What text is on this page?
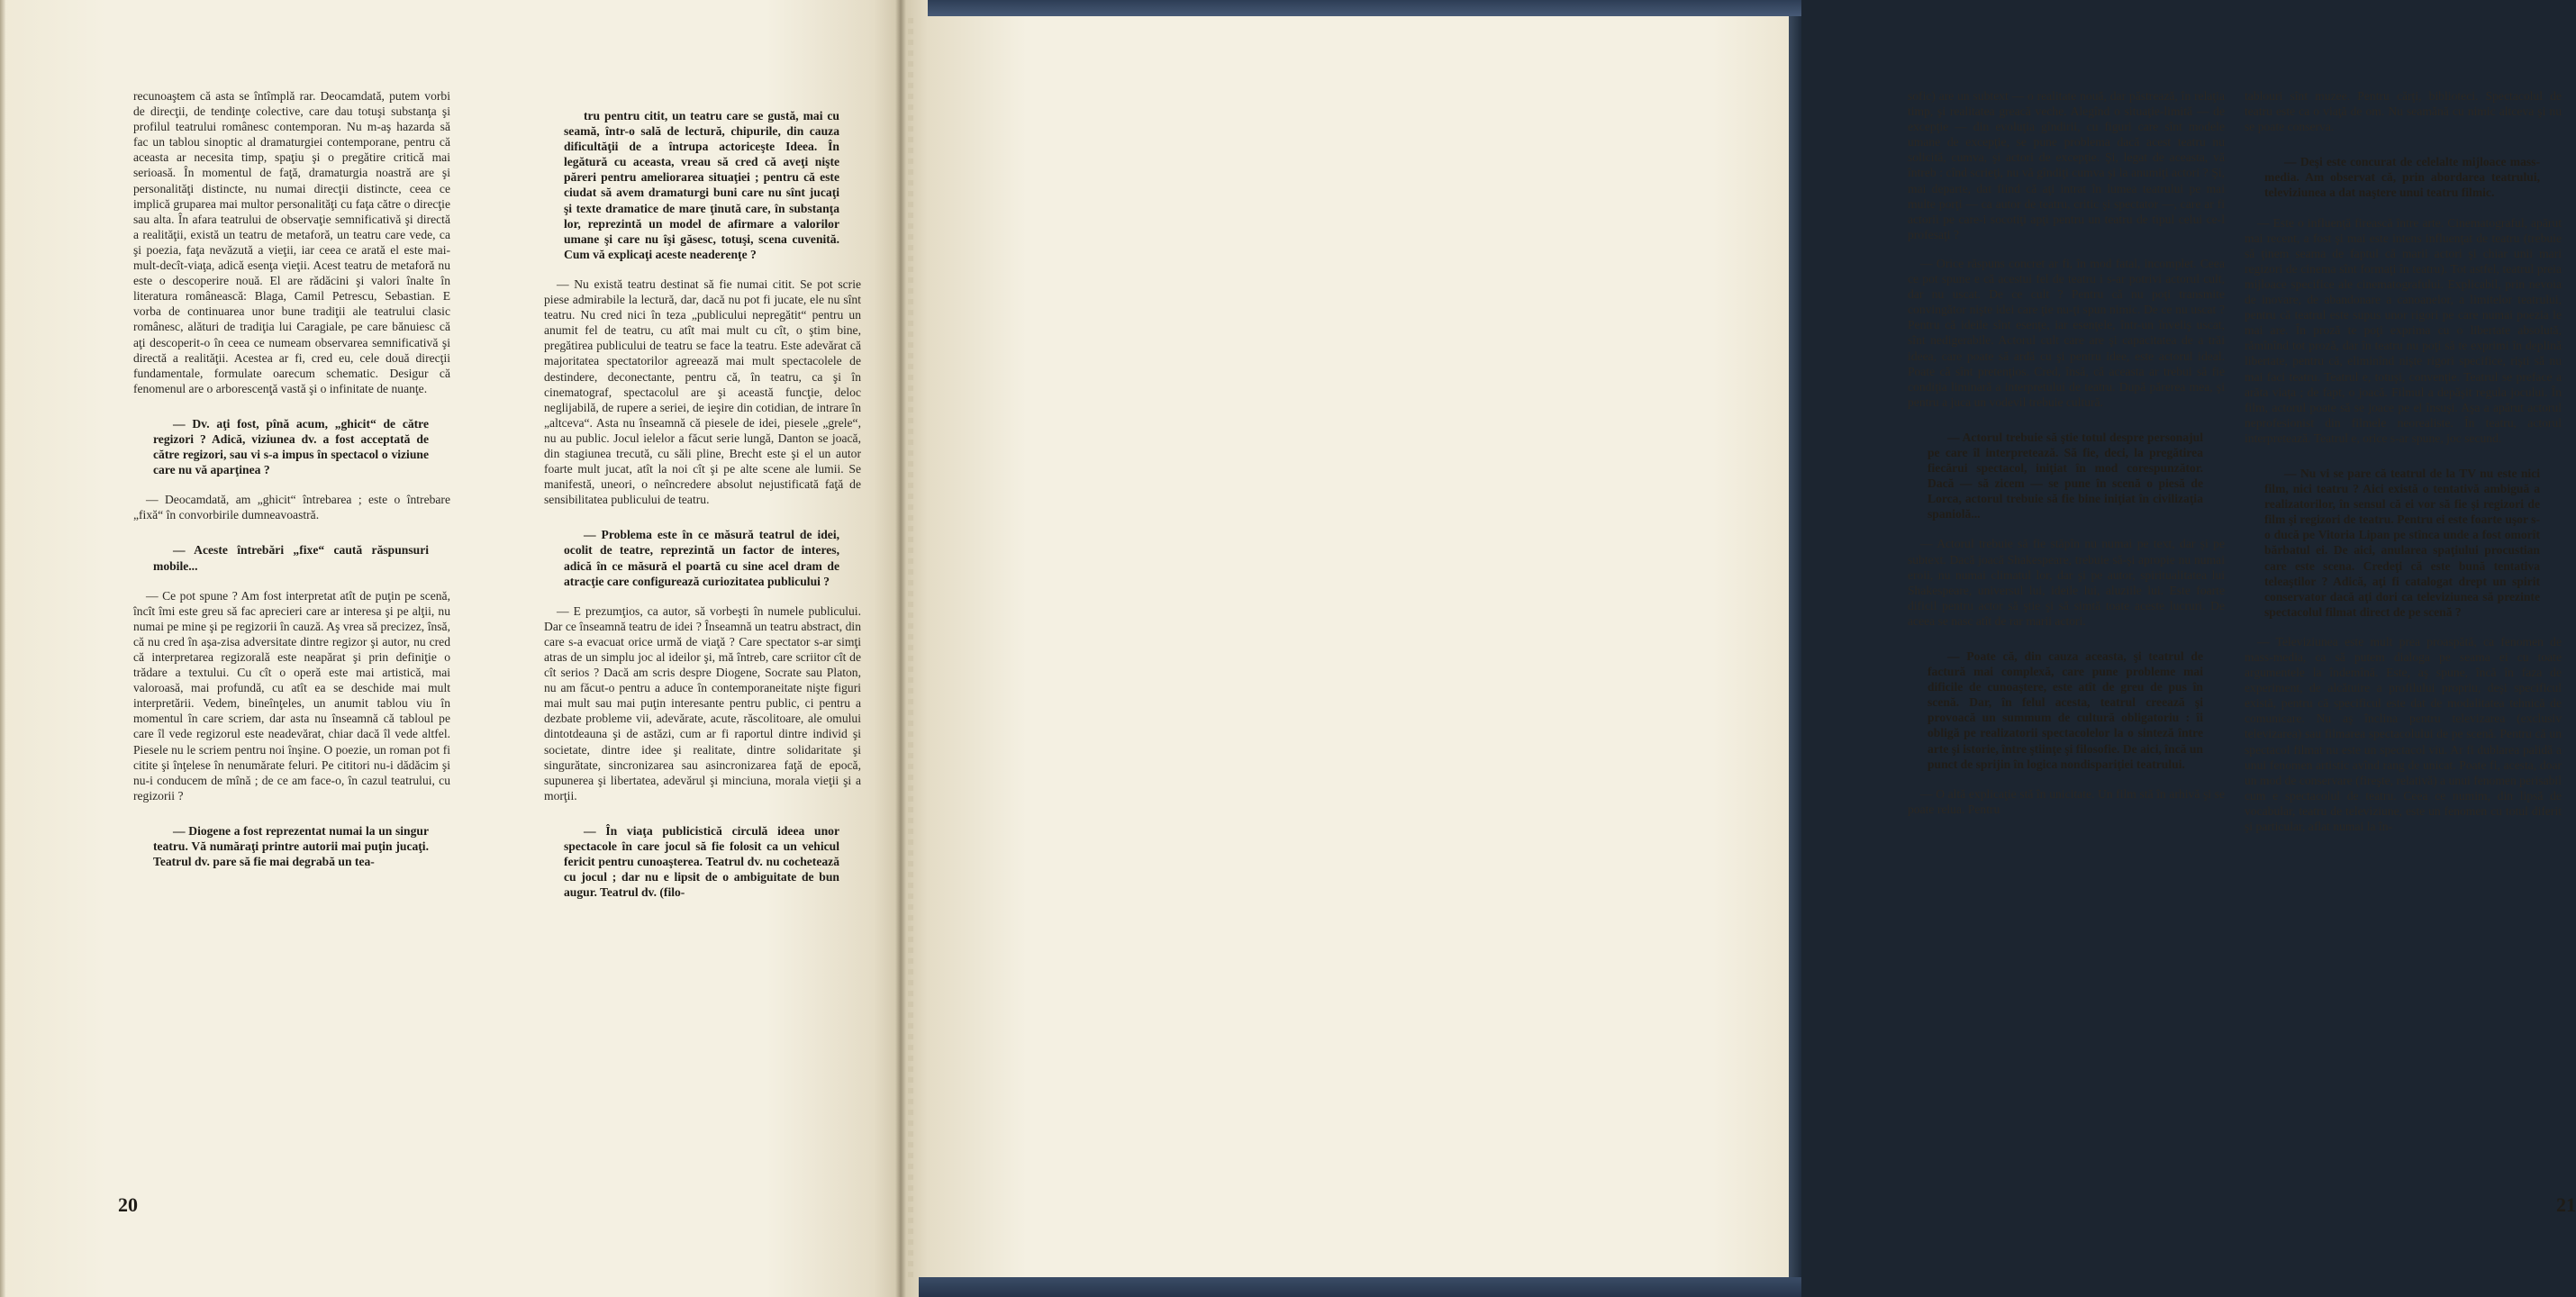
recunoaştem că asta se întîmplă rar. Deocamdată, putem vorbi de direcţii, de tendinţe colective, care dau totuşi substanţa şi profilul teatrului românesc contemporan. Nu m-aş hazarda să fac un tablou sinoptic al dramaturgiei contemporane, pentru că aceasta ar necesita timp, spaţiu şi o pregătire critică mai serioasă. În momentul de faţă, dramaturgia noastră are şi personalităţi distincte, nu numai direcţii distincte, ceea ce implică gruparea mai multor personalităţi cu faţa către o direcţie sau alta. În afara teatrului de observaţie semnificativă şi directă a realităţii, există un teatru de metaforă, un teatru care vede, ca şi poezia, faţa nevăzută a vieţii, iar ceea ce arată el este mai-mult-decît-viaţa, adică esenţa vieţii. Acest teatru de metaforă nu este o descoperire nouă. El are rădăcini şi valori înalte în literatura românească: Blaga, Camil Petrescu, Sebastian. E vorba de continuarea unor bune tradiţii ale teatrului clasic românesc, alături de tradiţia lui Caragiale, pe care bănuiesc că aţi descoperit-o în ceea ce numeam observarea semnificativă şi directă a realităţii. Acestea ar fi, cred eu, cele două direcţii fundamentale, formulate oarecum schematic. Desigur că fenomenul are o arborescenţă vastă şi o infinitate de nuanţe.

— Dv. aţi fost, pînă acum, „ghicit“ de către regizori ? Adică, viziunea dv. a fost acceptată de către regizori, sau vi s-a impus în spectacol o viziune care nu vă aparţinea ?

— Deocamdată, am „ghicit“ întrebarea ; este o întrebare „fixă“ în convorbirile dumneavoastră.

— Aceste întrebări „fixe“ caută răspunsuri mobile...

— Ce pot spune ? Am fost interpretat atît de puţin pe scenă, încît îmi este greu să fac aprecieri care ar interesa şi pe alţii, nu numai pe mine şi pe regizorii în cauză. Aş vrea să precizez, însă, că nu cred în aşa-zisa adversitate dintre regizor şi autor, nu cred că interpretarea regizorală este neapărat şi prin definiţie o trădare a textului. Cu cît o operă este mai artistică, mai valoroasă, mai profundă, cu atît ea se deschide mai mult interpretării. Vedem, bineînţeles, un anumit tablou viu în momentul în care scriem, dar asta nu înseamnă că tabloul pe care îl vede regizorul este neadevărat, chiar dacă îl vede altfel. Piesele nu le scriem pentru noi înşine. O poezie, un roman pot fi citite şi înţelese în nenumărate feluri. Pe cititori nu-i dădăcim şi nu-i conducem de mînă ; de ce am face-o, în cazul teatrului, cu regizorii ?

— Diogene a fost reprezentat numai la un singur teatru. Vă număraţi printre autorii mai puţin jucaţi. Teatrul dv. pare să fie mai degrabă un tea-

tru pentru citit, un teatru care se gustă, mai cu seamă, într-o sală de lectură, chipurile, din cauza dificultăţii de a întrupa actoriceşte Ideea. În legătură cu aceasta, vreau să cred că aveţi nişte păreri pentru ameliorarea situaţiei ; pentru că este ciudat să avem dramaturgi buni care nu sînt jucaţi şi texte dramatice de mare ţinută care, în substanţa lor, reprezintă un model de afirmare a valorilor umane şi care nu îşi găsesc, totuşi, scena cuvenită. Cum vă explicaţi aceste neaderenţe ?

— Nu există teatru destinat să fie numai citit. Se pot scrie piese admirabile la lectură, dar, dacă nu pot fi jucate, ele nu sînt teatru. Nu cred nici în teza „publicului nepregătit“ pentru un anumit fel de teatru, cu atît mai mult cu cît, o ştim bine, pregătirea publicului de teatru se face la teatru. Este adevărat că majoritatea spectatorilor agreează mai mult spectacolele de destindere, deconectante, pentru că, în teatru, ca şi în cinematograf, spectacolul are şi această funcţie, deloc neglijabilă, de rupere a seriei, de ieşire din cotidian, de intrare în „altceva“. Asta nu înseamnă că piesele de idei, piesele „grele“, nu au public. Jocul ielelor a făcut serie lungă, Danton se joacă, din stagiunea trecută, cu săli pline, Brecht este şi el un autor foarte mult jucat, atît la noi cît şi pe alte scene ale lumii. Se manifestă, uneori, o neîncredere absolut nejustificată faţă de sensibilitatea publicului de teatru.

— Problema este în ce măsură teatrul de idei, ocolit de teatre, reprezintă un factor de interes, adică în ce măsură el poartă cu sine acel dram de atracţie care configurează curiozitatea publicului ?

— E prezumţios, ca autor, să vorbeşti în numele publicului. Dar ce înseamnă teatru de idei ? Înseamnă un teatru abstract, din care s-a evacuat orice urmă de viaţă ? Care spectator s-ar simţi atras de un simplu joc al ideilor şi, mă întreb, care scriitor cît de cît serios ? Dacă am scris despre Diogene, Socrate sau Platon, nu am făcut-o pentru a aduce în contemporaneitate nişte figuri mai mult sau mai puţin interesante pentru public, ci pentru a dezbate probleme vii, adevărate, acute, răscolitoare, ale omului dintotdeauna şi de astăzi, cum ar fi raportul dintre individ şi societate, dintre idee şi realitate, dintre solidaritate şi singurătate, sincronizarea sau asincronizarea faţă de epocă, supunerea şi libertatea, adevărul şi minciuna, morala vieţii şi a morţii.

— În viaţa publicistică circulă ideea unor spectacole în care jocul să fie folosit ca un vehicul fericit pentru cunoaşterea. Teatrul dv. nu cochetează cu jocul ; dar nu e lipsit de o ambiguitate de bun augur. Teatrul dv. (filo-

20

sofic) are un subtext — o realitate nouă, dar păstrează, în relaţia timp, şi realitatea greacă veche. Alegînd o situaţie-limită — de excepţie — din evoluţia gîndirii, cu figuri care sînt modele umane de excepţie, se pune problema dacă acest teatru nu solicită, cumva, şi actori de excepţie. Şi, legat de aceasta, vă întreb : cînd scrieţi, nu vă gîndiţi cumva şi la anumiţi actori ? Şi, mai departe, dat fiind că aţi intrat în lumea teatrului pe mai multe porţi — ca autor de teatru, critic şi spectator —, care ar fi actorii pe care-i socotiţi apţi pentru un teatru de tipul celui ce-l profesaţi ?

— Orice răspuns concret ar fi, în mod fatal, incomplet. Ceea ce pot spune e că acestui fel de teatru i s-ar potrivi actorul cult, dar nu uscat. De ce cult ? Pentru că nu poţi transmite convingător nişte idei care ţie nu-ţi spun nimic. De ce nu uscat ? Pentru că ideile sînt esenţe, iar esenţele, într-un înveliş uscat, sînt nedigerabile. Actorul cult care are şi capacitatea de a trăi ideea, care poate să ardă cu şi pentru idee, este actorul ideal. Poate că sînt pretenţios. Cred, însă, că aceasta ar trebui să fie condiţia liminară a interpretului de teatru. După părerea mea, şi pentru a juca un vodevil trebuie cultură.

— Actorul trebuie să ştie totul despre personajul pe care îl interpretează. Să fie, deci, la pregătirea fiecărui spectacol, iniţiat în mod corespunzător. Dacă — să zicem — se pune în scenă o piesă de Lorca, actorul trebuie să fie bine iniţiat în civilizaţia spaniolă...

— Actorul trebuie să fie stăpîn nu numai pe text, dar şi pe subtext. Dacă joacă Shakespeare, trebuie să-şi apropie nu numai eroii, nu numai climatul lor, dar şi pe autor, spiritualitatea lui Shakespeare, universul lui, ideile lui, aluziile lui. Este foarte dificil pentru actor să ştie şi să simtă toate aceste lucruri. De aceea se nasc atît de rar marii actori.

— Poate că, din cauza aceasta, şi teatrul de factură mai complexă, care pune probleme mai dificile de cunoaştere, este atît de greu de pus în scenă. Dar, în felul acesta, teatrul creează şi provoacă un summum de cultură obligatoriu : îi obligă pe realizatorii spectacolelor la o sinteză între arte şi istorie, între ştiinţe şi filosofie. De aici, încă un punct de sprijin în logica nondispariţiei teatrului.

— O altă explicaţie stă în unicitate. Un film stă în arhivă şi se poate relua. Pentru

tablouri sînt muzee. Pentru cărţi, biblioteci. Spectacolul de teatru este ca o viaţă de om. Nu seamănă cu nimic altceva şi nu se poate conserva.

— Deşi este concurat de celelalte mijloace mass-media. Am observat că, prin abordarea teatrului, televiziunea a dat naştere unui teatru filmic.

— Este o influenţă firească între arte. Cinematograful, apărut mai recent, a fost şi mai este intens influenţat de teatru (trebuie să ţinem seama de faptul că marii actori şi chiar unii mari regizori de cinema sînt formaţi în teatru). Tot astfel, teatrul preia mijloace specifice ale cinematografului. Explicabil, prin nevoia de inovare, de abandonare a canoanelor, a limitelor teatrului, pentru că teatrul este supus unor rigori pe care numai poezia le mai are. În proză te poţi exprima cu o libertate absolută, rămînînd tot proză, dar în teatru nu poţi să te exprimi în deplină libertate, pentru că, eliminînd nişte rigori specifice, rişti să nu mai faci teatru. Teatrul e, totuşi, convenţie. Teatrul se preface a arăta viaţa ; de fapt, o joacă. Filmul a depăşit regula jocului. În film, actorul poate să se joace pe el însuşi. Aşa a apărut actorul neprofesionist din filmele neorealiste. În teatru, actorul interpretează. Teatrul e, orice s-ar spune, joc secund.

— Nu vi se pare că teatrul de la TV nu este nici film, nici teatru ? Aici există o tentativă ambiguă a realizatorilor, în sensul că ei vor să fie şi regizori de film şi regizori de teatru. Pentru ei este foarte uşor s-o ducă pe Vitoria Lipan pe stînca unde a fost omorît bărbatul ei. De aici, anularea spaţiului procustian care este scena. Credeţi că este bună tentativa teleaştilor ? Adică, aţi fi catalogat drept un spirit conservator dacă aţi dori ca televiziunea să prezinte spectacolul filmat direct de pe scenă ?

— Televiziunea este mult prea proaspătă, ca fenomen de mass-media, ca să putem dialoga pe seama ei cu toate argumentele la îndemînă. Este, aş spune, încă în faza de experiment, de alcătuire a profilului propriu, deşi specificul există, pentru că specificul este dat de modalitatea tehnică de comunicare. Nu aş înclina pentru televizarea (exclusiv televizarea) sau filmarea spectacolului de pe scenă. Pentru că un spectacol filmat nu este un spectacol viu. Ar fi dublarea palidă a unui fenomen artistic avînd rang de unicat. Poate fi, acesta, doar un mod de conservare (fireşte, relativă) a unui fenomen perisabil cum e spectacolul de teatru. Ceea ce numim, din lipsă de vocabular, teatru de televiziune, este un fenomen cu totul diferit şi particular, aflat numai la în-

21
